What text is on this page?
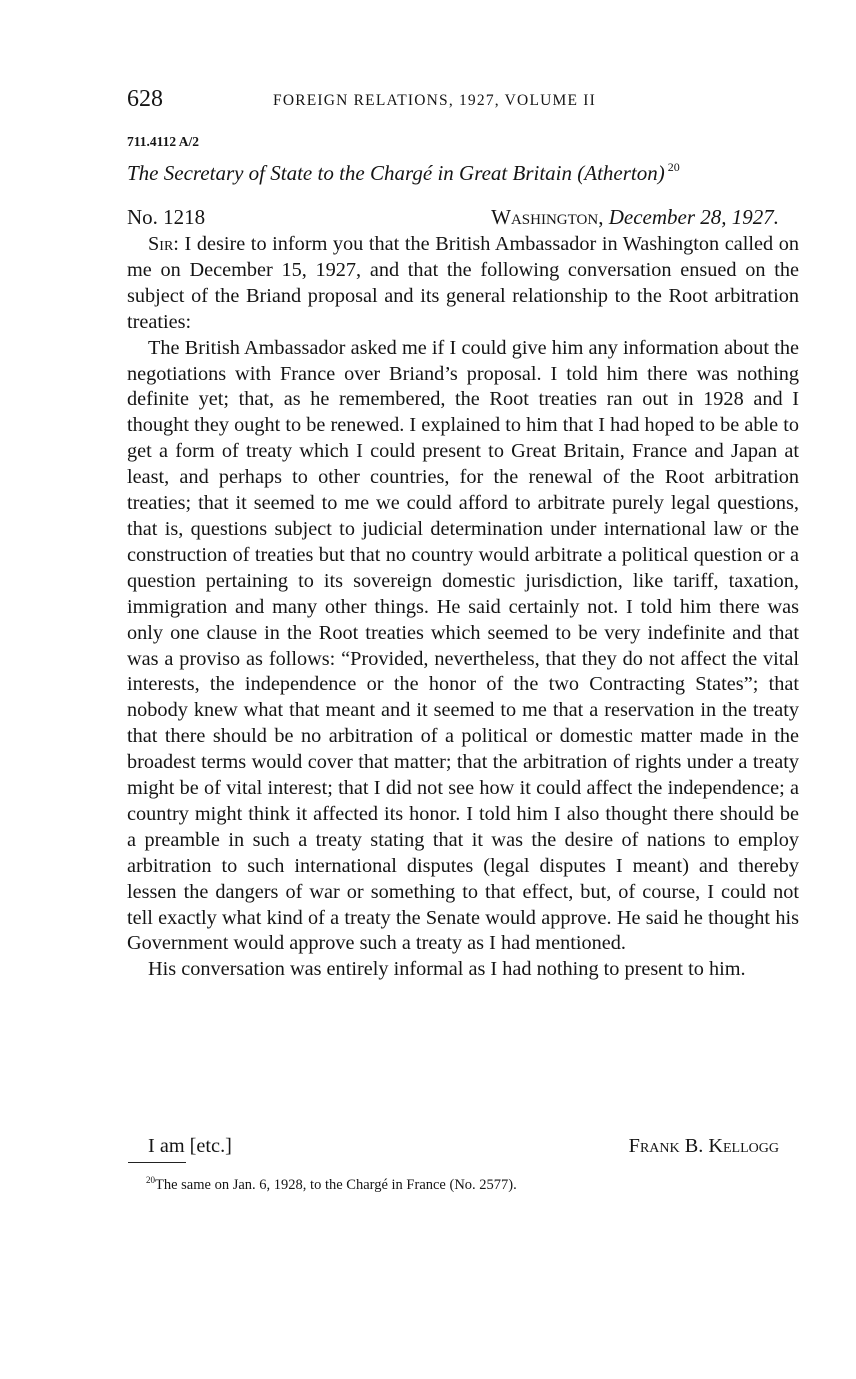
628	FOREIGN RELATIONS, 1927, VOLUME II
711.4112 A/2
The Secretary of State to the Chargé in Great Britain (Atherton) $^{20}$
No. 1218	Washington, December 28, 1927.

Sir: I desire to inform you that the British Ambassador in Washington called on me on December 15, 1927, and that the following conversation ensued on the subject of the Briand proposal and its general relationship to the Root arbitration treaties:

The British Ambassador asked me if I could give him any information about the negotiations with France over Briand’s proposal. I told him there was nothing definite yet; that, as he remembered, the Root treaties ran out in 1928 and I thought they ought to be renewed. I explained to him that I had hoped to be able to get a form of treaty which I could present to Great Britain, France and Japan at least, and perhaps to other countries, for the renewal of the Root arbitration treaties; that it seemed to me we could afford to arbitrate purely legal questions, that is, questions subject to judicial determination under international law or the construction of treaties but that no country would arbitrate a political question or a question pertaining to its sovereign domestic jurisdiction, like tariff, taxation, immigration and many other things. He said certainly not. I told him there was only one clause in the Root treaties which seemed to be very indefinite and that was a proviso as follows: “Provided, nevertheless, that they do not affect the vital interests, the independence or the honor of the two Contracting States”; that nobody knew what that meant and it seemed to me that a reservation in the treaty that there should be no arbitration of a political or domestic matter made in the broadest terms would cover that matter; that the arbitration of rights under a treaty might be of vital interest; that I did not see how it could affect the independence; a country might think it affected its honor. I told him I also thought there should be a preamble in such a treaty stating that it was the desire of nations to employ arbitration to such international disputes (legal disputes I meant) and thereby lessen the dangers of war or something to that effect, but, of course, I could not tell exactly what kind of a treaty the Senate would approve. He said he thought his Government would approve such a treaty as I had mentioned.

His conversation was entirely informal as I had nothing to present to him.

I am [etc.]	Frank B. Kellogg
$^{20}$The same on Jan. 6, 1928, to the Chargé in France (No. 2577).
